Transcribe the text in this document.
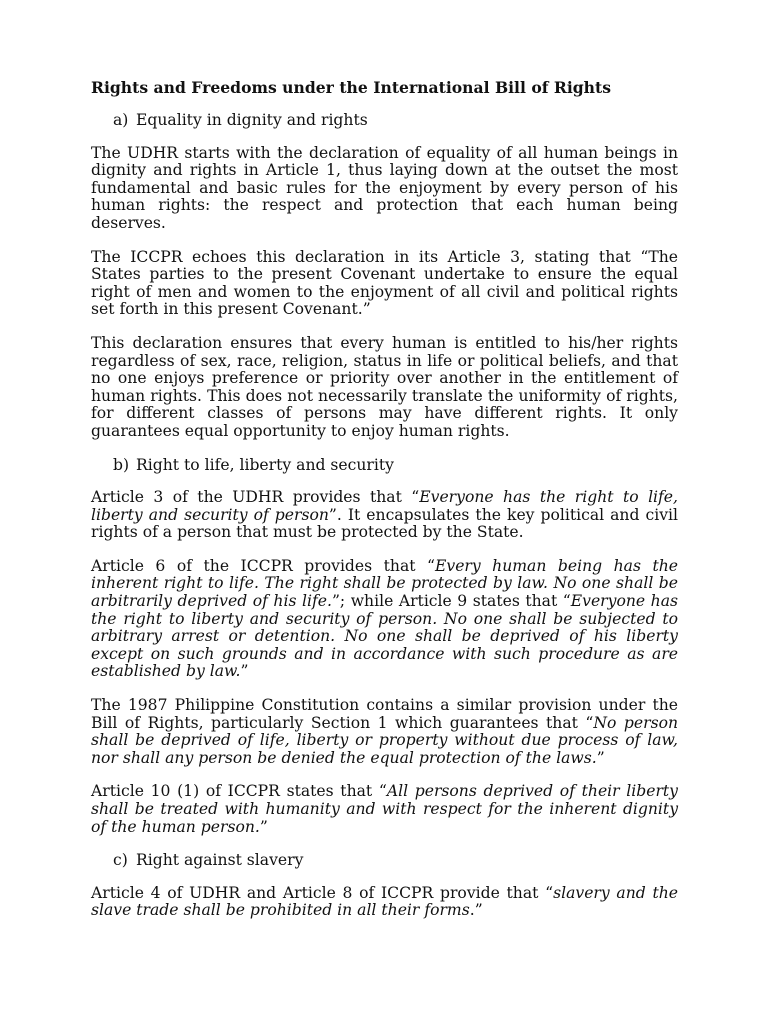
Rights and Freedoms under the International Bill of Rights
a) Equality in dignity and rights

The UDHR starts with the declaration of equality of all human beings in dignity and rights in Article 1, thus laying down at the outset the most fundamental and basic rules for the enjoyment by every person of his human rights: the respect and protection that each human being deserves.

The ICCPR echoes this declaration in its Article 3, stating that “The States parties to the present Covenant undertake to ensure the equal right of men and women to the enjoyment of all civil and political rights set forth in this present Covenant.”

This declaration ensures that every human is entitled to his/her rights regardless of sex, race, religion, status in life or political beliefs, and that no one enjoys preference or priority over another in the entitlement of human rights. This does not necessarily translate the uniformity of rights, for different classes of persons may have different rights. It only guarantees equal opportunity to enjoy human rights.

b) Right to life, liberty and security

Article 3 of the UDHR provides that “Everyone has the right to life, liberty and security of person”. It encapsulates the key political and civil rights of a person that must be protected by the State.

Article 6 of the ICCPR provides that “Every human being has the inherent right to life. The right shall be protected by law. No one shall be arbitrarily deprived of his life.”; while Article 9 states that “Everyone has the right to liberty and security of person. No one shall be subjected to arbitrary arrest or detention. No one shall be deprived of his liberty except on such grounds and in accordance with such procedure as are established by law.”

The 1987 Philippine Constitution contains a similar provision under the Bill of Rights, particularly Section 1 which guarantees that “No person shall be deprived of life, liberty or property without due process of law, nor shall any person be denied the equal protection of the laws.”

Article 10 (1) of ICCPR states that “All persons deprived of their liberty shall be treated with humanity and with respect for the inherent dignity of the human person.”

c) Right against slavery

Article 4 of UDHR and Article 8 of ICCPR provide that “slavery and the slave trade shall be prohibited in all their forms.”
